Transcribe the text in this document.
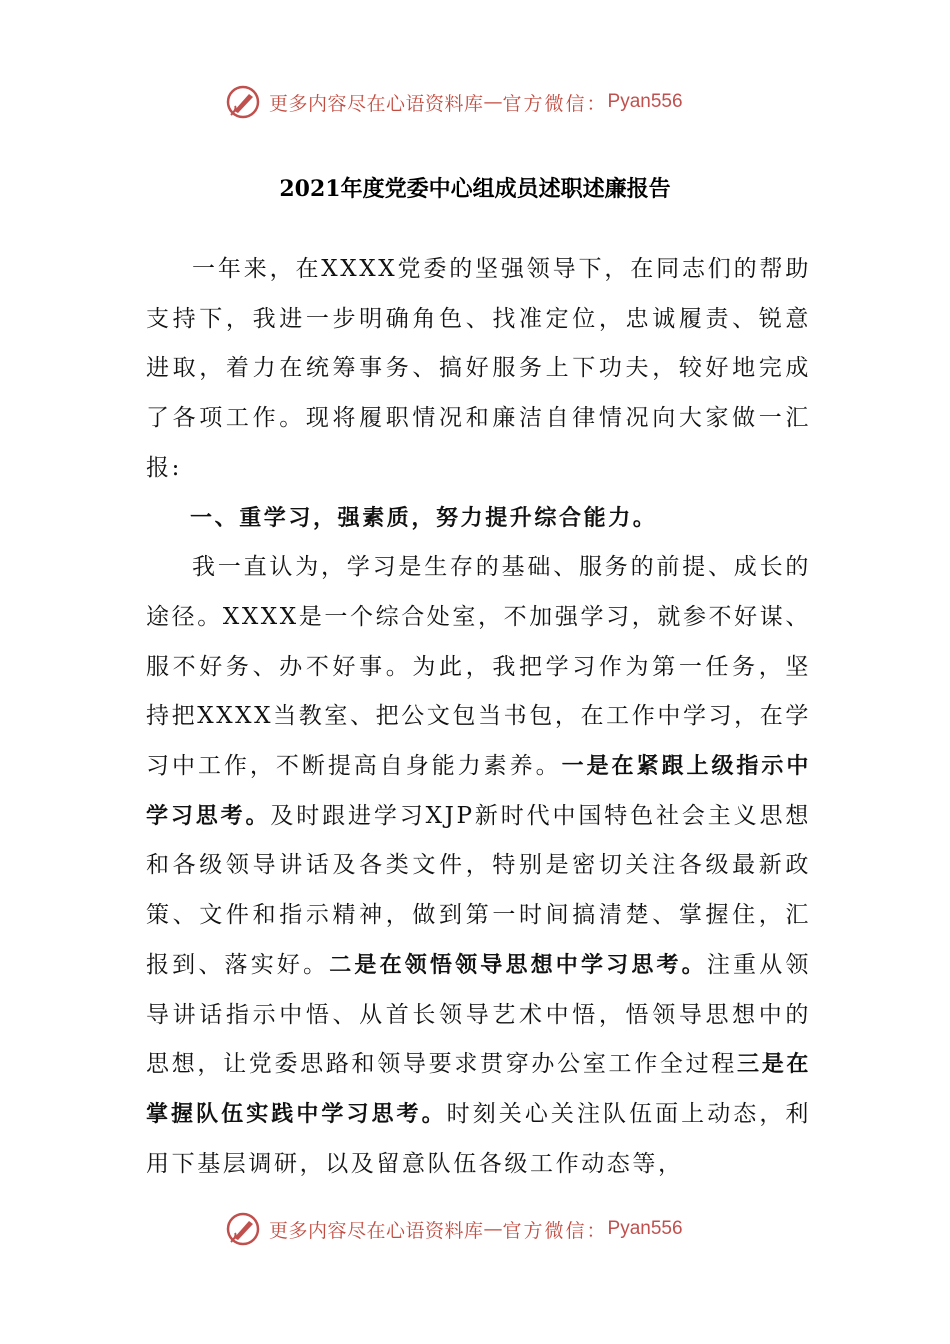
更多内容尽在心语资料库 — 官方微信： Pyan556
2021年度党委中心组成员述职述廉报告

一年来，在XXXX党委的坚强领导下，在同志们的帮助支持下，我进一步明确角色、找准定位，忠诚履责、锐意进取，着力在统筹事务、搞好服务上下功夫，较好地完成了各项工作。现将履职情况和廉洁自律情况向大家做一汇报:

一、重学习，强素质，努力提升综合能力。

我一直认为，学习是生存的基础、服务的前提、成长的途径。XXXX是一个综合处室，不加强学习，就参不好谋、服不好务、办不好事。为此，我把学习作为第一任务，坚持把XXXX当教室、把公文包当书包，在工作中学习，在学习中工作，不断提高自身能力素养。一是在紧跟上级指示中学习思考。及时跟进学习XJP新时代中国特色社会主义思想和各级领导讲话及各类文件，特别是密切关注各级最新政策、文件和指示精神，做到第一时间搞清楚、掌握住，汇报到、落实好。二是在领悟领导思想中学习思考。注重从领导讲话指示中悟、从首长领导艺术中悟，悟领导思想中的思想，让党委思路和领导要求贯穿办公室工作全过程三是在掌握队伍实践中学习思考。时刻关心关注队伍面上动态，利用下基层调研，以及留意队伍各级工作动态等，

更多内容尽在心语资料库 — 官方微信： Pyan556
